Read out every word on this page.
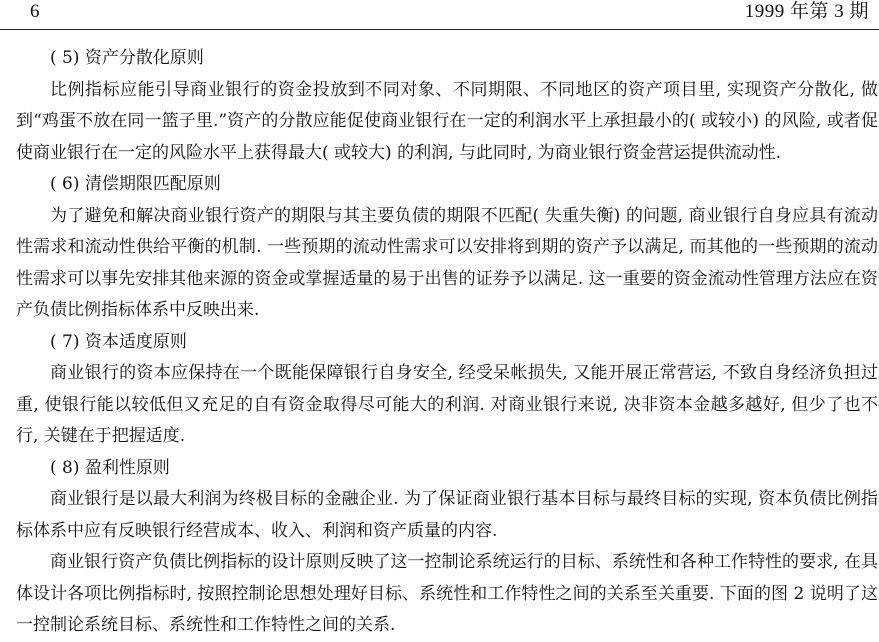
6	1999 年第 3 期
( 5) 资产分散化原则

比例指标应能引导商业银行的资金投放到不同对象、不同期限、不同地区的资产项目里, 实现资产分散化, 做到“鸡蛋不放在同一篮子里.”资产的分散应能促使商业银行在一定的利润水平上承担最小的( 或较小) 的风险, 或者促使商业银行在一定的风险水平上获得最大( 或较大) 的利润, 与此同时, 为商业银行资金营运提供流动性.

( 6) 清偿期限匹配原则

为了避免和解决商业银行资产的期限与其主要负债的期限不匹配( 失重失衡) 的问题, 商业银行自身应具有流动性需求和流动性供给平衡的机制. 一些预期的流动性需求可以安排将到期的资产予以满足, 而其他的一些预期的流动性需求可以事先安排其他来源的资金或掌握适量的易于出售的证券予以满足. 这一重要的资金流动性管理方法应在资产负债比例指标体系中反映出来.

( 7) 资本适度原则

商业银行的资本应保持在一个既能保障银行自身安全, 经受呆帐损失, 又能开展正常营运, 不致自身经济负担过重, 使银行能以较低但又充足的自有资金取得尽可能大的利润. 对商业银行来说, 决非资本金越多越好, 但少了也不行, 关键在于把握适度.

( 8) 盈利性原则

商业银行是以最大利润为终极目标的金融企业. 为了保证商业银行基本目标与最终目标的实现, 资本负债比例指标体系中应有反映银行经营成本、收入、利润和资产质量的内容.

商业银行资产负债比例指标的设计原则反映了这一控制论系统运行的目标、系统性和各种工作特性的要求, 在具体设计各项比例指标时, 按照控制论思想处理好目标、系统性和工作特性之间的关系至关重要. 下面的图 2 说明了这一控制论系统目标、系统性和工作特性之间的关系.
